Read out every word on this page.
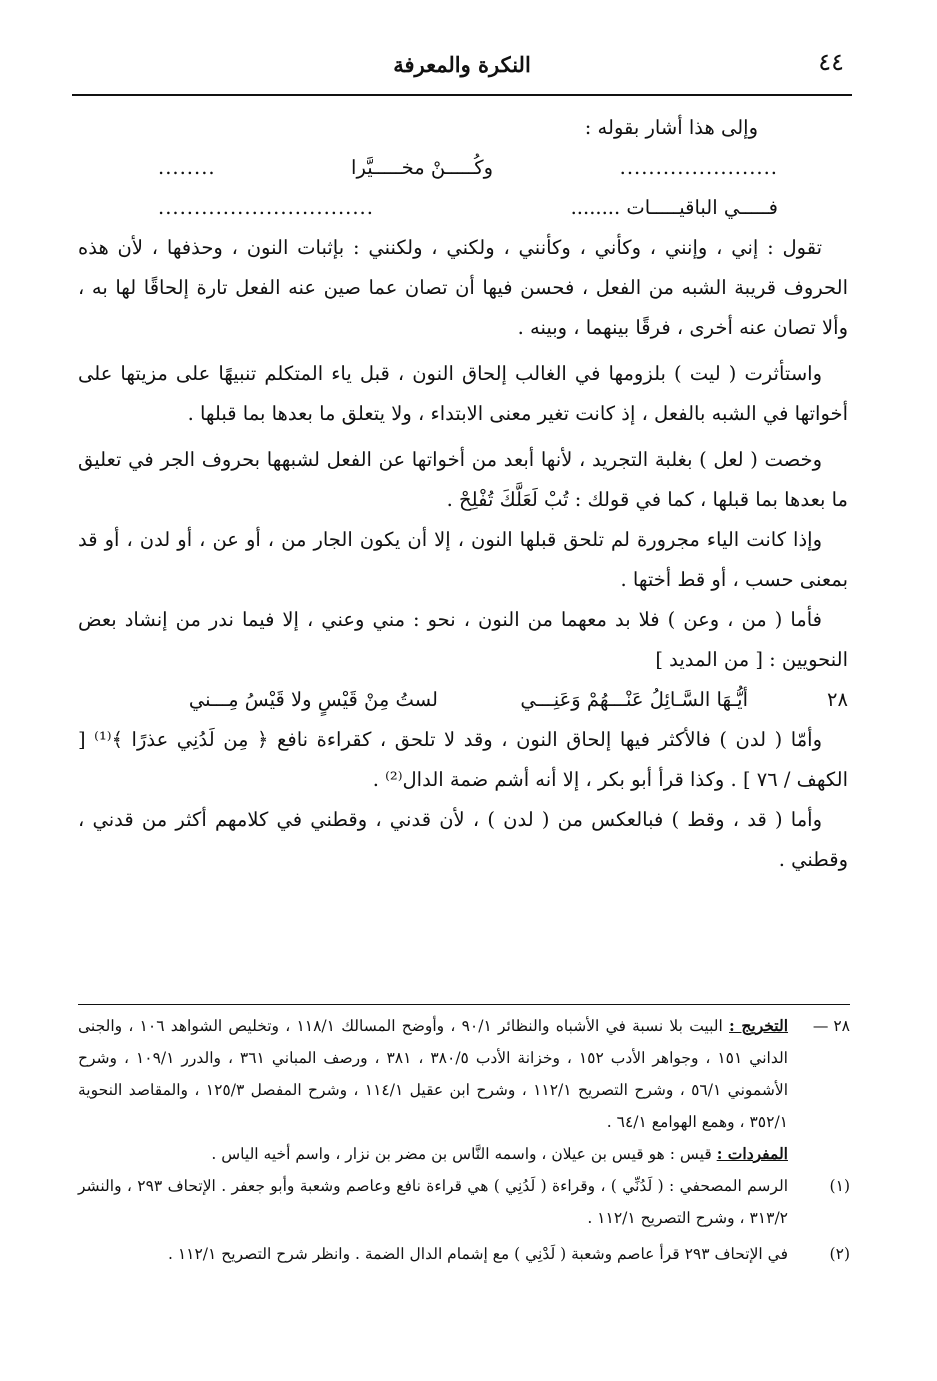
٤٤
النكرة والمعرفة
وإلى هذا أشار بقوله :
......................
وكُـــــنْ مخـــــيَّرا
........
فـــــي الباقيـــــات ........
..............................

تقول : إني ، وإنني ، وكأني ، وكأنني ، ولكني ، ولكنني : بإثبات النون ، وحذفها ، لأن هذه الحروف قريبة الشبه من الفعل ، فحسن فيها أن تصان عما صين عنه الفعل تارة إلحاقًا لها به ، وألا تصان عنه أخرى ، فرقًا بينهما ، وبينه .

واستأثرت ( ليت ) بلزومها في الغالب إلحاق النون ، قبل ياء المتكلم تنبيهًا على مزيتها على أخواتها في الشبه بالفعل ، إذ كانت تغير معنى الابتداء ، ولا يتعلق ما بعدها بما قبلها .

وخصت ( لعل ) بغلبة التجريد ، لأنها أبعد من أخواتها عن الفعل لشبهها بحروف الجر في تعليق ما بعدها بما قبلها ، كما في قولك : تُبْ لَعَلَّكَ تُفْلِحْ .

وإذا كانت الياء مجرورة لم تلحق قبلها النون ، إلا أن يكون الجار من ، أو عن ، أو لدن ، أو قد بمعنى حسب ، أو قط أختها .

فأما ( من ، وعن ) فلا بد معهما من النون ، نحو : مني وعني ، إلا فيما ندر من إنشاد بعض النحويين : [ من المديد ]

٢٨
أيُّـهَا السَّـائِلُ عَنْـــهُمْ وَعَنِـــي
لستُ مِنْ قَيْسٍ ولا قَيْسُ مِـــني

وأمّا ( لدن ) فالأكثر فيها إلحاق النون ، وقد لا تلحق ، كقراءة نافع ﴿ مِن لَدُنِي عذرًا ﴾⁽¹⁾ [ الكهف / ٧٦ ] . وكذا قرأ أبو بكر ، إلا أنه أشم ضمة الدال⁽²⁾ .

وأما ( قد ، وقط ) فبالعكس من ( لدن ) ، لأن قدني ، وقطني في كلامهم أكثر من قدني ، وقطني .

٢٨ —
التخريج : البيت بلا نسبة في الأشباه والنظائر ٩٠/١ ، وأوضح المسالك ١١٨/١ ، وتخليص الشواهد ١٠٦ ، والجنى الداني ١٥١ ، وجواهر الأدب ١٥٢ ، وخزانة الأدب ٣٨٠/٥ ، ٣٨١ ، ورصف المباني ٣٦١ ، والدرر ١٠٩/١ ، وشرح الأشموني ٥٦/١ ، وشرح التصريح ١١٢/١ ، وشرح ابن عقيل ١١٤/١ ، وشرح المفصل ١٢٥/٣ ، والمقاصد النحوية ٣٥٢/١ ، وهمع الهوامع ٦٤/١ .
المفردات : قيس : هو قيس بن عيلان ، واسمه النَّاس بن مضر بن نزار ، واسم أخيه الياس .
(١)
الرسم المصحفي : ( لَدُنِّي ) ، وقراءة ( لَدُنِي ) هي قراءة نافع وعاصم وشعبة وأبو جعفر . الإتحاف ٢٩٣ ، والنشر ٣١٣/٢ ، وشرح التصريح ١١٢/١ .
(٢)
في الإتحاف ٢٩٣ قرأ عاصم وشعبة ( لَدْنِي ) مع إشمام الدال الضمة . وانظر شرح التصريح ١١٢/١ .
